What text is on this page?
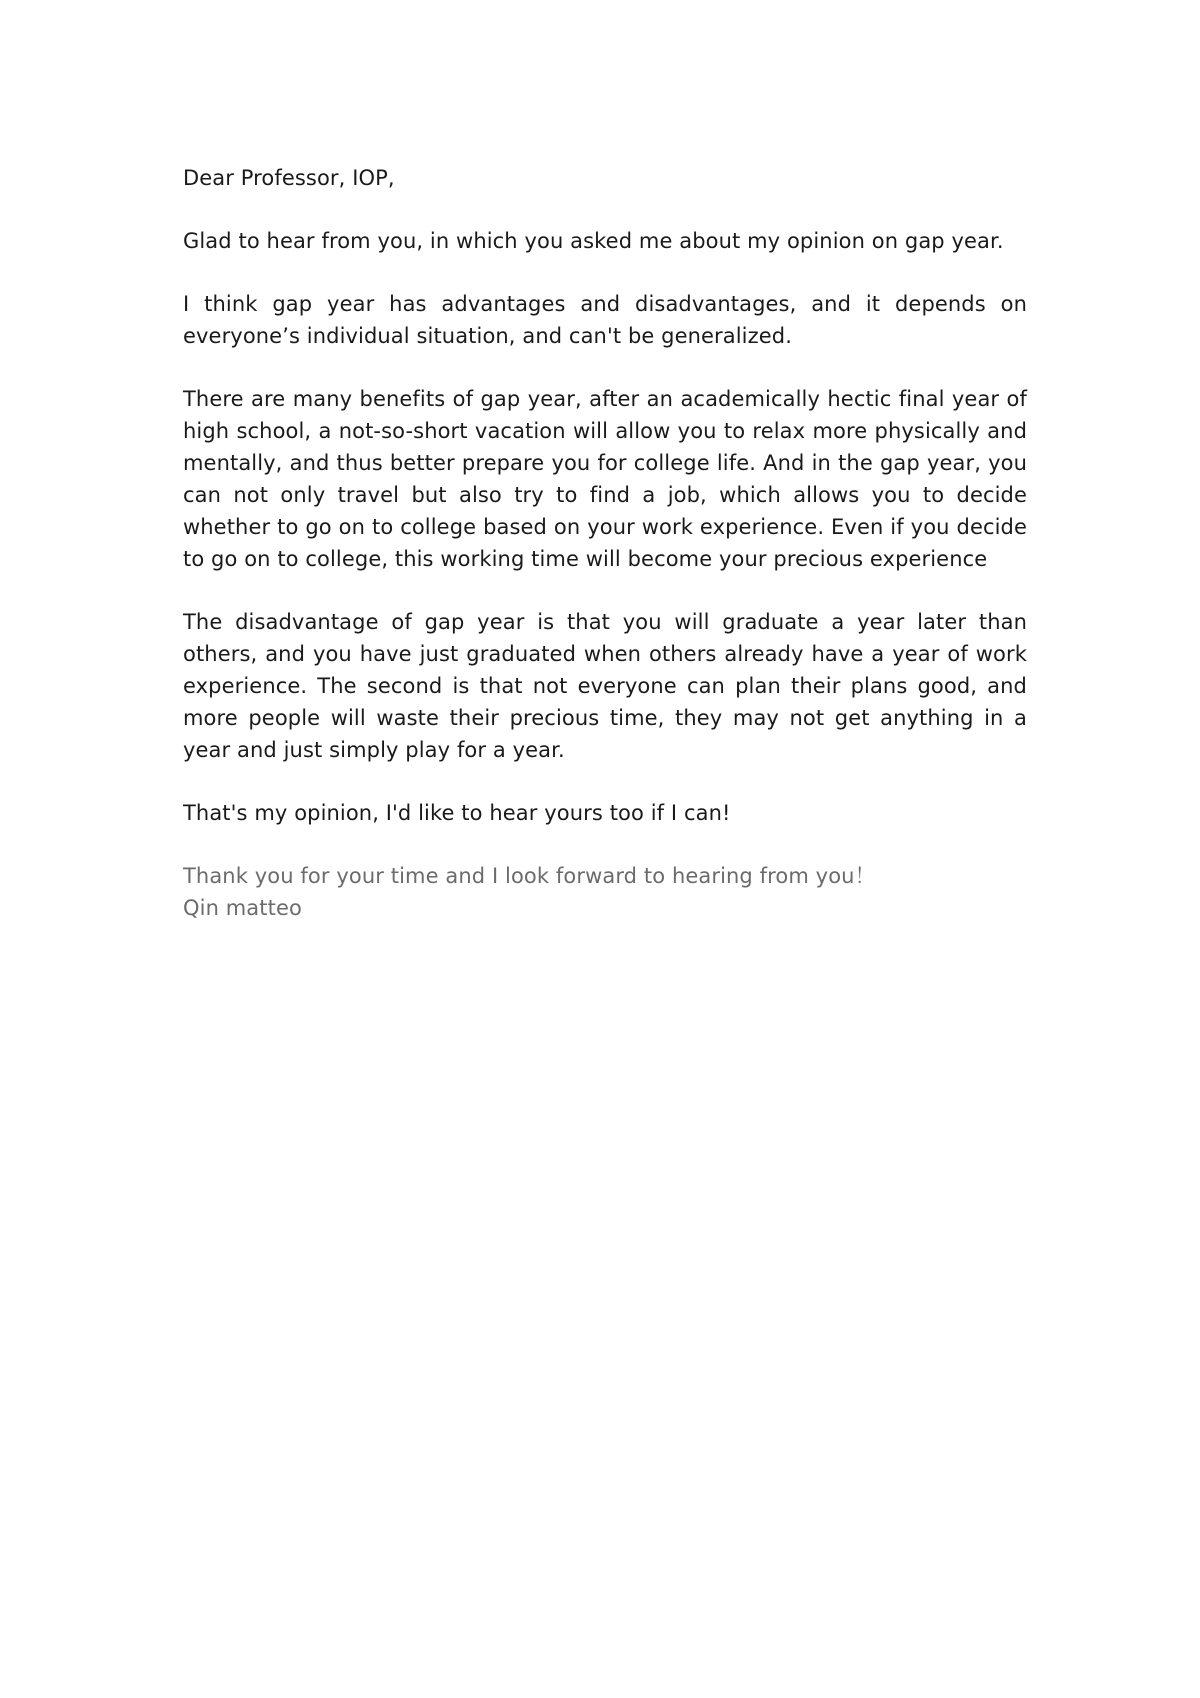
Dear Professor, IOP,

Glad to hear from you, in which you asked me about my opinion on gap year.

I think gap year has advantages and disadvantages, and it depends on everyone’s individual situation, and can't be generalized.

There are many benefits of gap year, after an academically hectic final year of high school, a not-so-short vacation will allow you to relax more physically and mentally, and thus better prepare you for college life. And in the gap year, you can not only travel but also try to find a job, which allows you to decide whether to go on to college based on your work experience. Even if you decide to go on to college, this working time will become your precious experience

The disadvantage of gap year is that you will graduate a year later than others, and you have just graduated when others already have a year of work experience. The second is that not everyone can plan their plans good, and more people will waste their precious time, they may not get anything in a year and just simply play for a year.

That's my opinion, I'd like to hear yours too if I can!

Thank you for your time and I look forward to hearing from you！
Qin matteo
